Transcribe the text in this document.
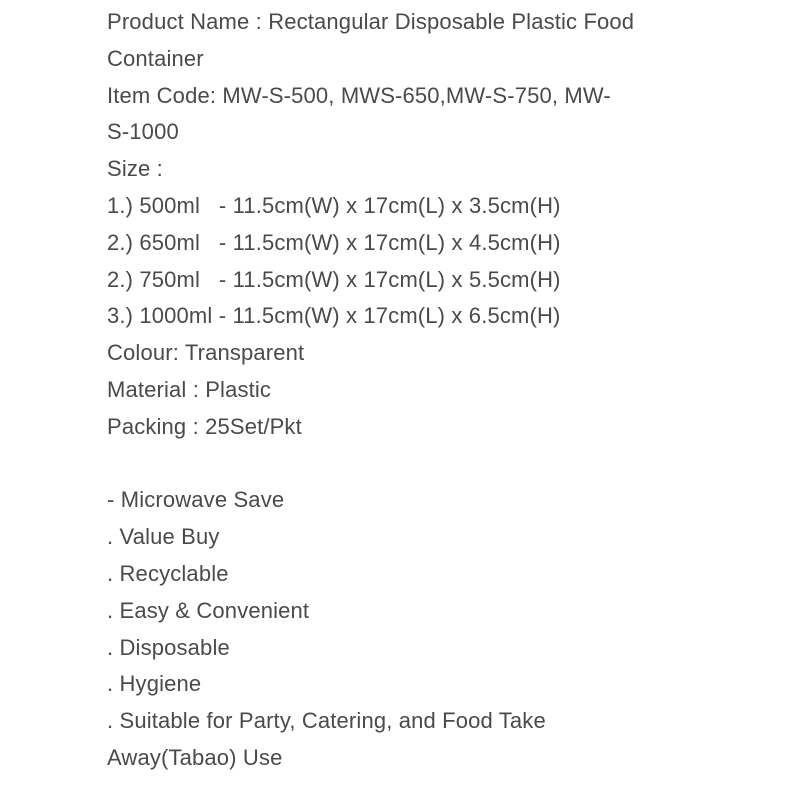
Product Name : Rectangular Disposable Plastic Food
Container
Item Code: MW-S-500, MWS-650,MW-S-750, MW-
S-1000
Size :
1.) 500ml   - 11.5cm(W) x 17cm(L) x 3.5cm(H)
2.) 650ml   - 11.5cm(W) x 17cm(L) x 4.5cm(H)
2.) 750ml   - 11.5cm(W) x 17cm(L) x 5.5cm(H)
3.) 1000ml - 11.5cm(W) x 17cm(L) x 6.5cm(H)
Colour: Transparent
Material : Plastic
Packing : 25Set/Pkt
- Microwave Save
. Value Buy
. Recyclable
. Easy & Convenient
. Disposable
. Hygiene
. Suitable for Party, Catering, and Food Take
Away(Tabao) Use
